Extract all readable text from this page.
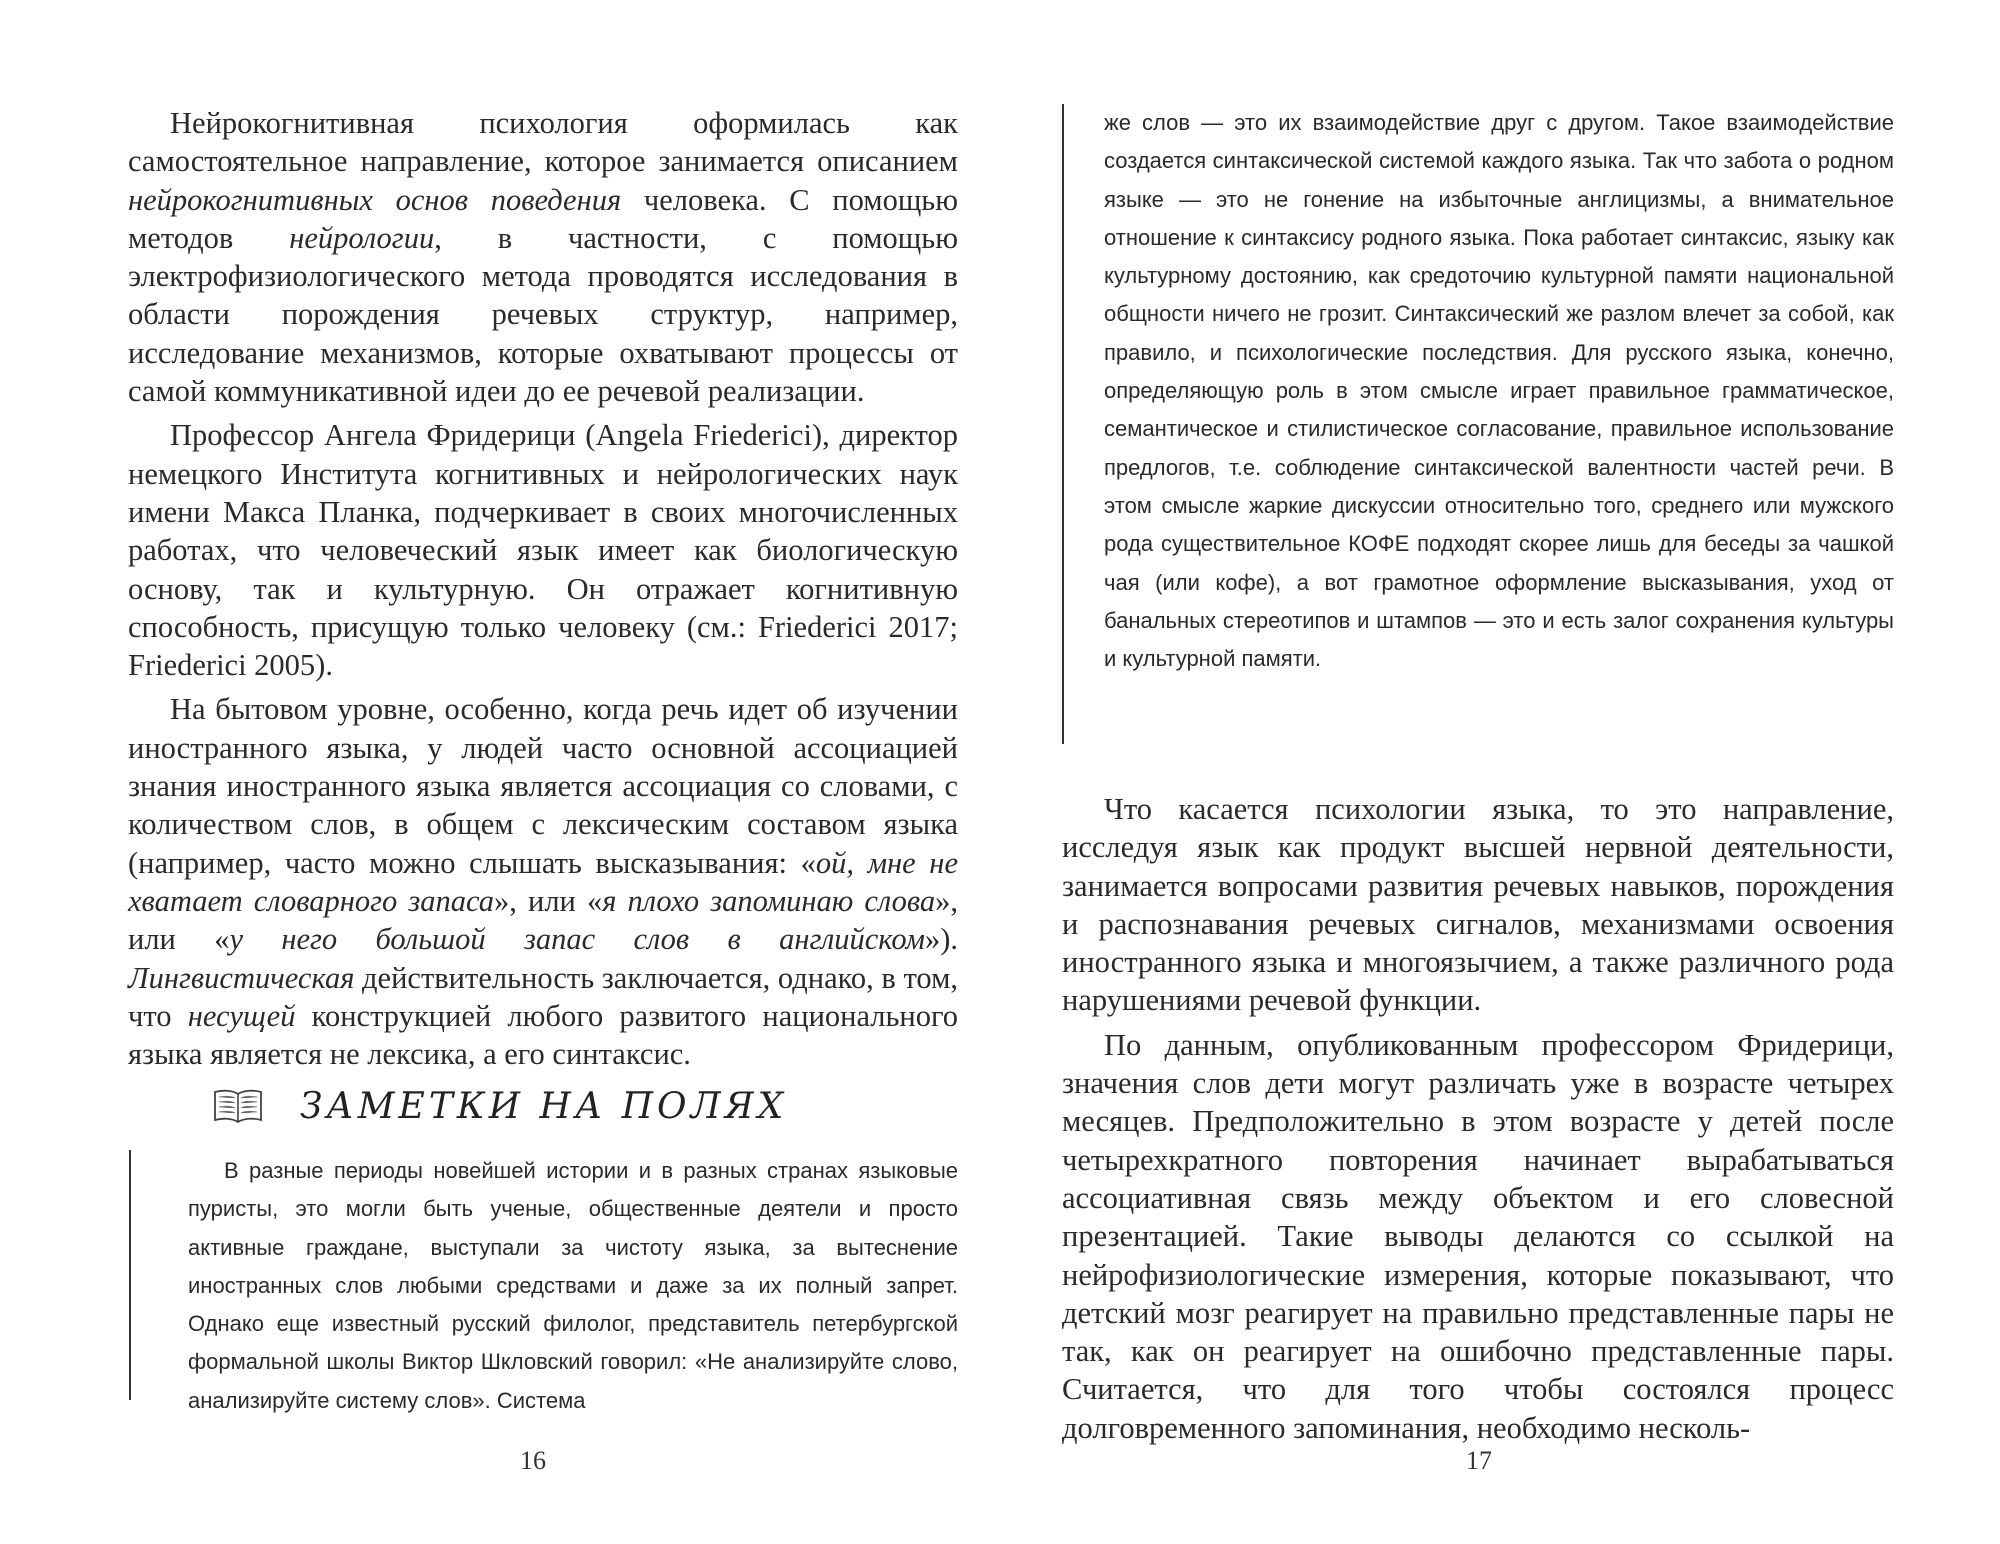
Нейрокогнитивная психология оформилась как самостоятельное направление, которое занимается описанием нейрокогнитивных основ поведения человека. С помощью методов нейрологии, в частности, с помощью электрофизиологического метода проводятся исследования в области порождения речевых структур, например, исследование механизмов, которые охватывают процессы от самой коммуникативной идеи до ее речевой реализации.

Профессор Ангела Фридерици (Angela Friederici), директор немецкого Института когнитивных и нейрологических наук имени Макса Планка, подчеркивает в своих многочисленных работах, что человеческий язык имеет как биологическую основу, так и культурную. Он отражает когнитивную способность, присущую только человеку (см.: Friederici 2017; Friederici 2005).

На бытовом уровне, особенно, когда речь идет об изучении иностранного языка, у людей часто основной ассоциацией знания иностранного языка является ассоциация со словами, с количеством слов, в общем с лексическим составом языка (например, часто можно слышать высказывания: «ой, мне не хватает словарного запаса», или «я плохо запоминаю слова», или «у него большой запас слов в английском»). Лингвистическая действительность заключается, однако, в том, что несущей конструкцией любого развитого национального языка является не лексика, а его синтаксис.

ЗАМЕТКИ НА ПОЛЯХ

В разные периоды новейшей истории и в разных странах языковые пуристы, это могли быть ученые, общественные деятели и просто активные граждане, выступали за чистоту языка, за вытеснение иностранных слов любыми средствами и даже за их полный запрет. Однако еще известный русский филолог, представитель петербургской формальной школы Виктор Шкловский говорил: «Не анализируйте слово, анализируйте систему слов». Система

16

же слов — это их взаимодействие друг с другом. Такое взаимодействие создается синтаксической системой каждого языка. Так что забота о родном языке — это не гонение на избыточные англицизмы, а внимательное отношение к синтаксису родного языка. Пока работает синтаксис, языку как культурному достоянию, как средоточию культурной памяти национальной общности ничего не грозит. Синтаксический же разлом влечет за собой, как правило, и психологические последствия. Для русского языка, конечно, определяющую роль в этом смысле играет правильное грамматическое, семантическое и стилистическое согласование, правильное использование предлогов, т.е. соблюдение синтаксической валентности частей речи. В этом смысле жаркие дискуссии относительно того, среднего или мужского рода существительное КОФЕ подходят скорее лишь для беседы за чашкой чая (или кофе), а вот грамотное оформление высказывания, уход от банальных стереотипов и штампов — это и есть залог сохранения культуры и культурной памяти.

Что касается психологии языка, то это направление, исследуя язык как продукт высшей нервной деятельности, занимается вопросами развития речевых навыков, порождения и распознавания речевых сигналов, механизмами освоения иностранного языка и многоязычием, а также различного рода нарушениями речевой функции.

По данным, опубликованным профессором Фридерици, значения слов дети могут различать уже в возрасте четырех месяцев. Предположительно в этом возрасте у детей после четырехкратного повторения начинает вырабатываться ассоциативная связь между объектом и его словесной презентацией. Такие выводы делаются со ссылкой на нейрофизиологические измерения, которые показывают, что детский мозг реагирует на правильно представленные пары не так, как он реагирует на ошибочно представленные пары. Считается, что для того чтобы состоялся процесс долговременного запоминания, необходимо несколь-

17
